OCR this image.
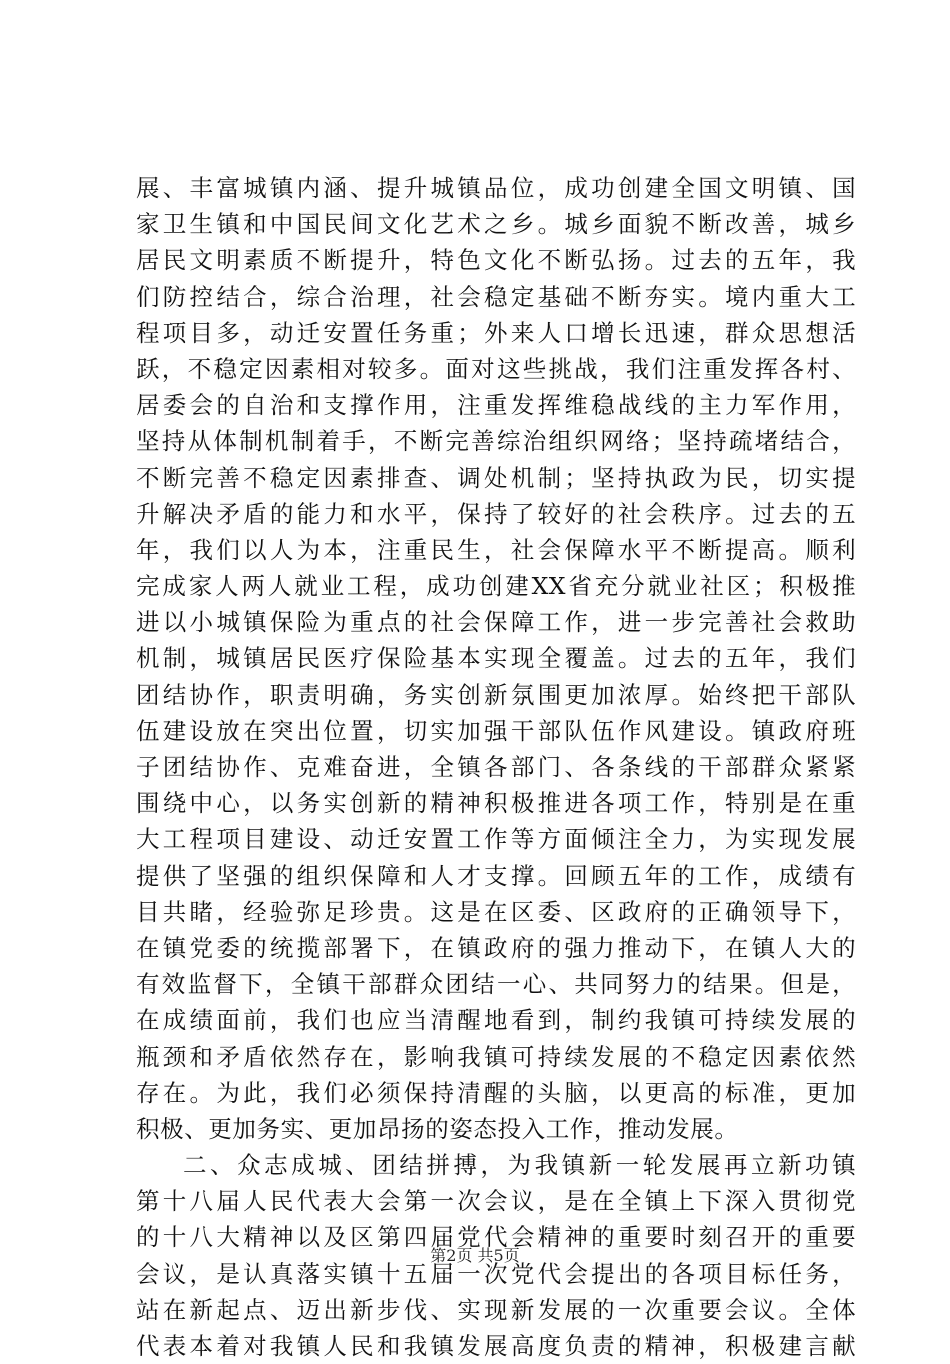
展、丰富城镇内涵、提升城镇品位，成功创建全国文明镇、国
家卫生镇和中国民间文化艺术之乡。城乡面貌不断改善，城乡
居民文明素质不断提升，特色文化不断弘扬。过去的五年，我
们防控结合，综合治理，社会稳定基础不断夯实。境内重大工
程项目多，动迁安置任务重；外来人口增长迅速，群众思想活
跃，不稳定因素相对较多。面对这些挑战，我们注重发挥各村、
居委会的自治和支撑作用，注重发挥维稳战线的主力军作用，
坚持从体制机制着手，不断完善综治组织网络；坚持疏堵结合，
不断完善不稳定因素排查、调处机制；坚持执政为民，切实提
升解决矛盾的能力和水平，保持了较好的社会秩序。过去的五
年，我们以人为本，注重民生，社会保障水平不断提高。顺利
完成家人两人就业工程，成功创建XX省充分就业社区；积极推
进以小城镇保险为重点的社会保障工作，进一步完善社会救助
机制，城镇居民医疗保险基本实现全覆盖。过去的五年，我们
团结协作，职责明确，务实创新氛围更加浓厚。始终把干部队
伍建设放在突出位置，切实加强干部队伍作风建设。镇政府班
子团结协作、克难奋进，全镇各部门、各条线的干部群众紧紧
围绕中心，以务实创新的精神积极推进各项工作，特别是在重
大工程项目建设、动迁安置工作等方面倾注全力，为实现发展
提供了坚强的组织保障和人才支撑。回顾五年的工作，成绩有
目共睹，经验弥足珍贵。这是在区委、区政府的正确领导下，
在镇党委的统揽部署下，在镇政府的强力推动下，在镇人大的
有效监督下，全镇干部群众团结一心、共同努力的结果。但是，
在成绩面前，我们也应当清醒地看到，制约我镇可持续发展的
瓶颈和矛盾依然存在，影响我镇可持续发展的不稳定因素依然
存在。为此，我们必须保持清醒的头脑，以更高的标准，更加
积极、更加务实、更加昂扬的姿态投入工作，推动发展。
二、众志成城、团结拼搏，为我镇新一轮发展再立新功镇
第十八届人民代表大会第一次会议，是在全镇上下深入贯彻党
的十八大精神以及区第四届党代会精神的重要时刻召开的重要
会议，是认真落实镇十五届一次党代会提出的各项目标任务，
站在新起点、迈出新步伐、实现新发展的一次重要会议。全体
代表本着对我镇人民和我镇发展高度负责的精神，积极建言献
第2页 共5页
